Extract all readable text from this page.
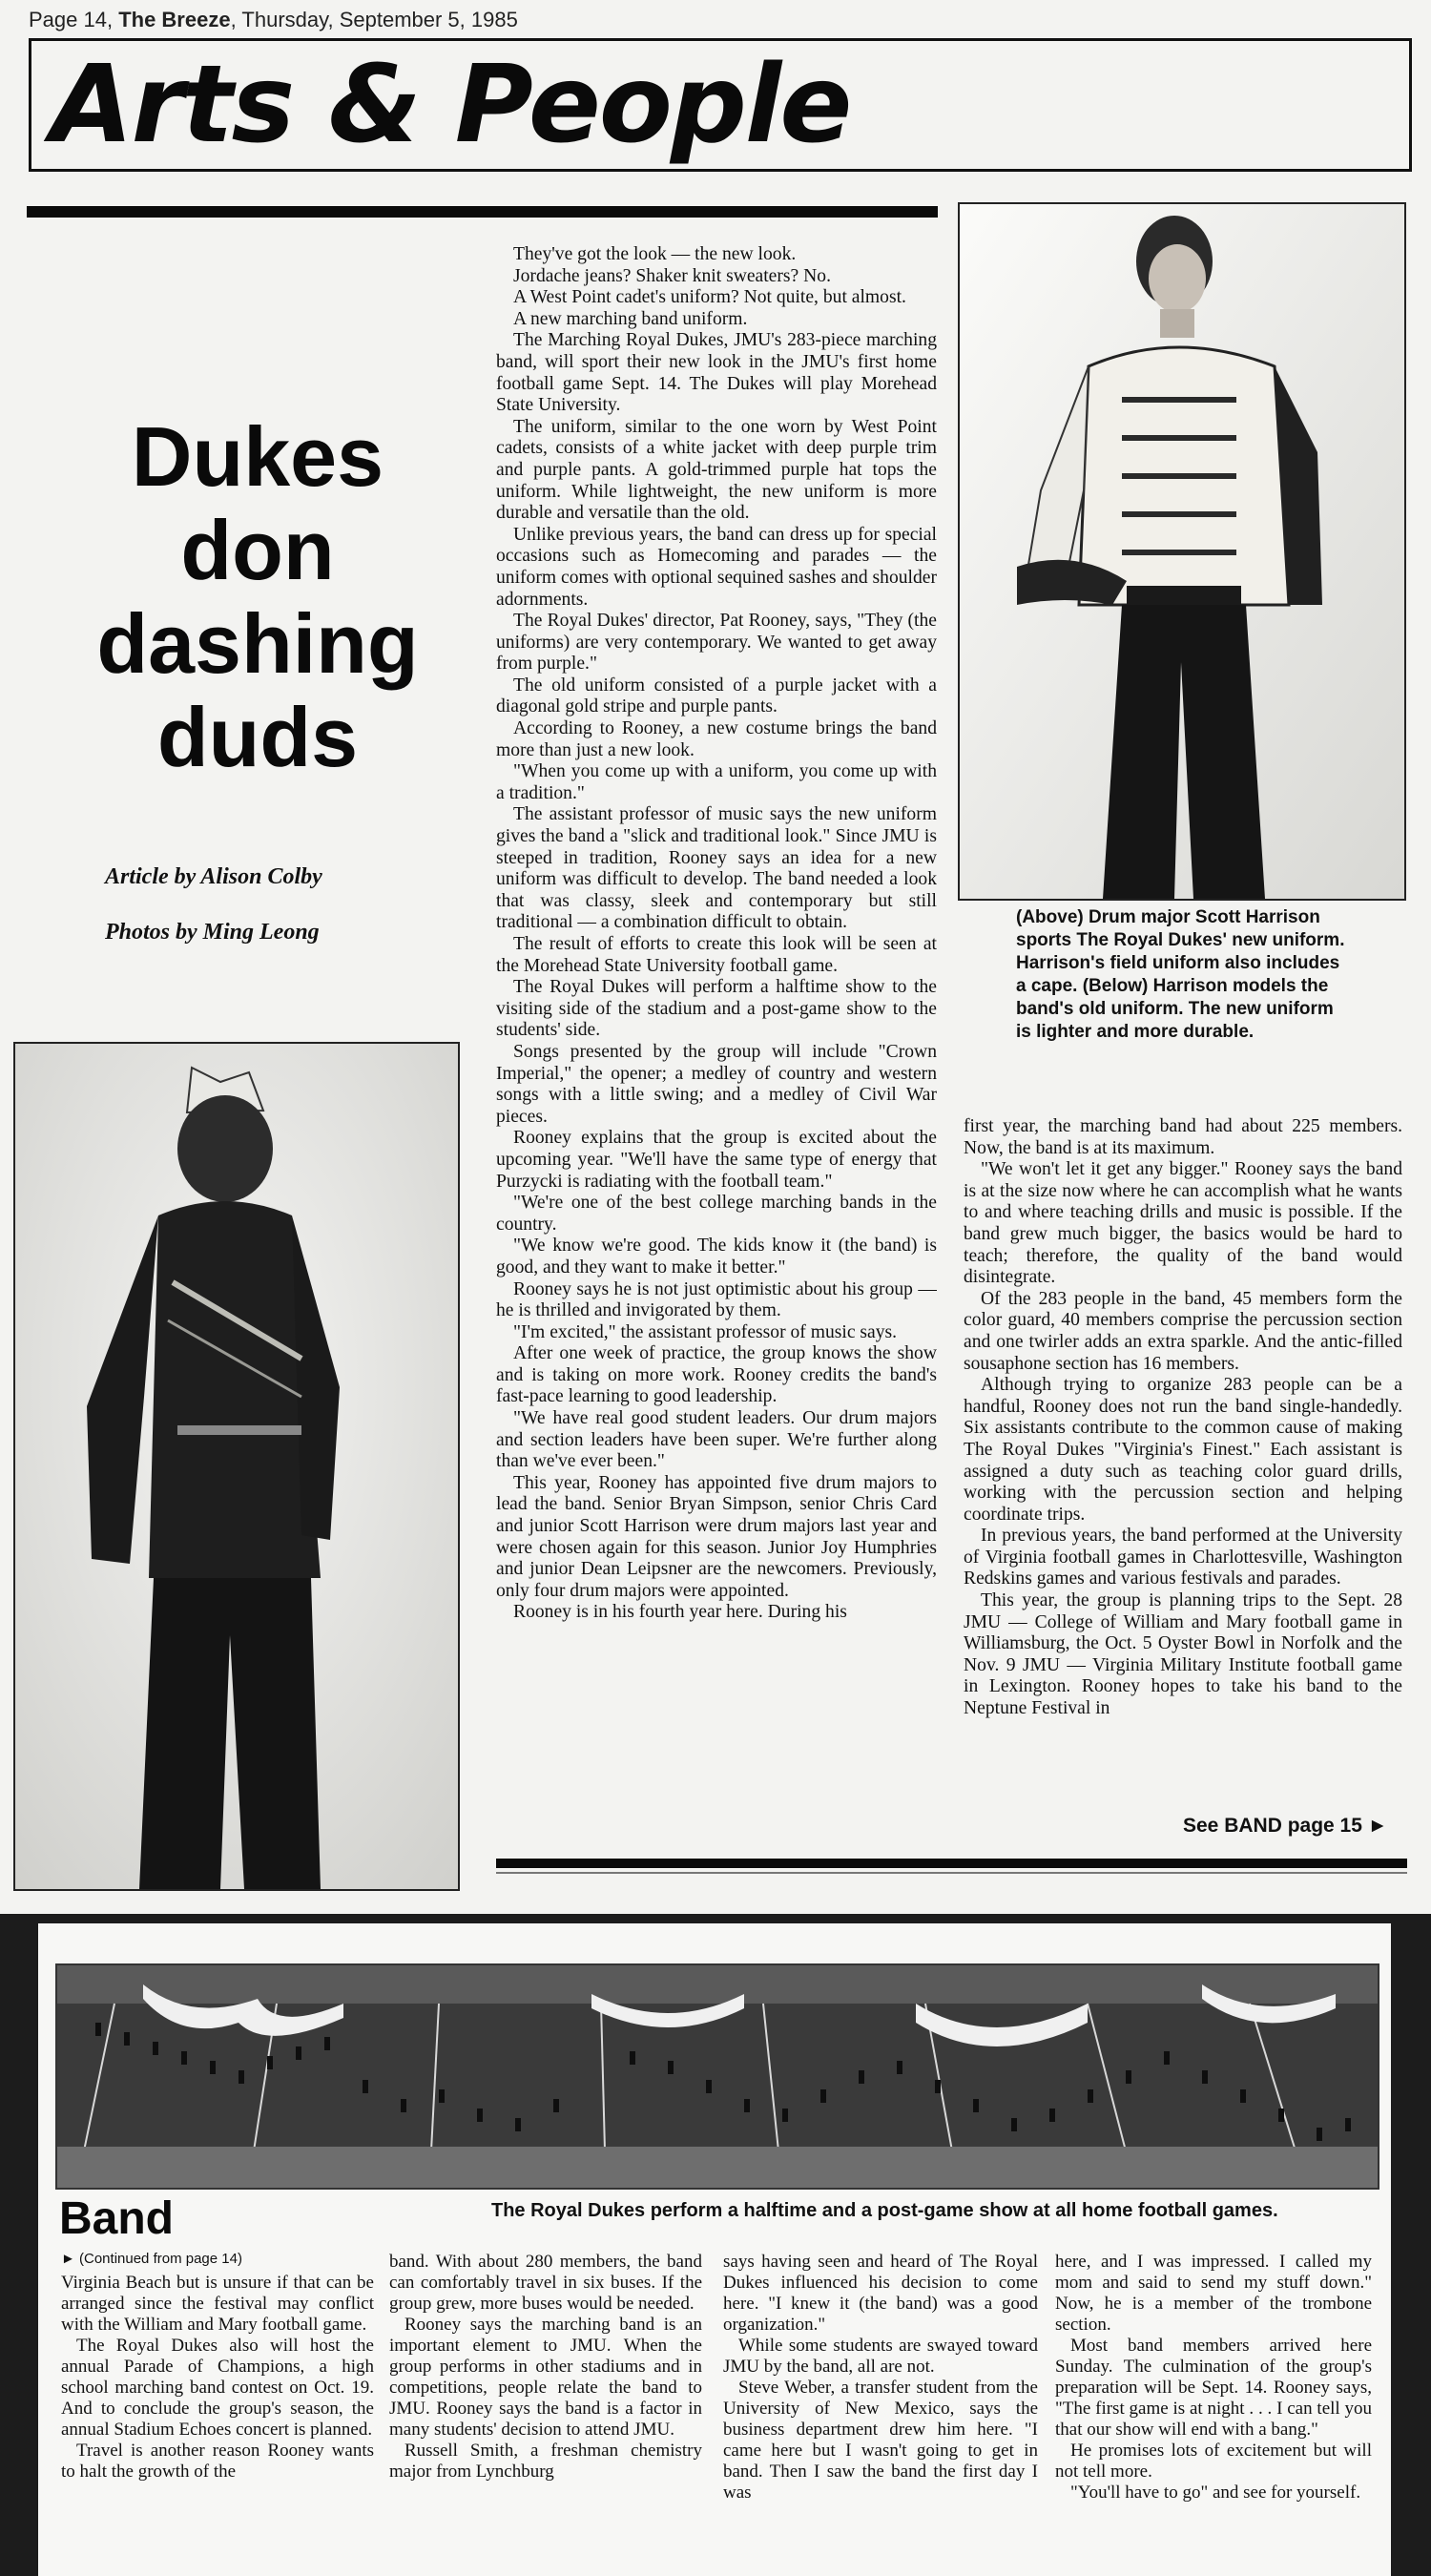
Page 14, The Breeze, Thursday, September 5, 1985
Arts & People
Dukes
don
dashing
duds
Article by Alison Colby
Photos by Ming Leong

They've got the look — the new look.

Jordache jeans? Shaker knit sweaters? No.

A West Point cadet's uniform? Not quite, but almost.

A new marching band uniform.

The Marching Royal Dukes, JMU's 283-piece marching band, will sport their new look in the JMU's first home football game Sept. 14. The Dukes will play Morehead State University.

The uniform, similar to the one worn by West Point cadets, consists of a white jacket with deep purple trim and purple pants. A gold-trimmed purple hat tops the uniform. While lightweight, the new uniform is more durable and versatile than the old.

Unlike previous years, the band can dress up for special occasions such as Homecoming and parades — the uniform comes with optional sequined sashes and shoulder adornments.

The Royal Dukes' director, Pat Rooney, says, "They (the uniforms) are very contemporary. We wanted to get away from purple."

The old uniform consisted of a purple jacket with a diagonal gold stripe and purple pants.

According to Rooney, a new costume brings the band more than just a new look.

"When you come up with a uniform, you come up with a tradition."

The assistant professor of music says the new uniform gives the band a "slick and traditional look." Since JMU is steeped in tradition, Rooney says an idea for a new uniform was difficult to develop. The band needed a look that was classy, sleek and contemporary but still traditional — a combination difficult to obtain.

The result of efforts to create this look will be seen at the Morehead State University football game.

The Royal Dukes will perform a halftime show to the visiting side of the stadium and a post-game show to the students' side.

Songs presented by the group will include "Crown Imperial," the opener; a medley of country and western songs with a little swing; and a medley of Civil War pieces.

Rooney explains that the group is excited about the upcoming year. "We'll have the same type of energy that Purzycki is radiating with the football team."

"We're one of the best college marching bands in the country.

"We know we're good. The kids know it (the band) is good, and they want to make it better."

Rooney says he is not just optimistic about his group — he is thrilled and invigorated by them.

"I'm excited," the assistant professor of music says.

After one week of practice, the group knows the show and is taking on more work. Rooney credits the band's fast-pace learning to good leadership.

"We have real good student leaders. Our drum majors and section leaders have been super. We're further along than we've ever been."

This year, Rooney has appointed five drum majors to lead the band. Senior Bryan Simpson, senior Chris Card and junior Scott Harrison were drum majors last year and were chosen again for this season. Junior Joy Humphries and junior Dean Leipsner are the newcomers. Previously, only four drum majors were appointed.

Rooney is in his fourth year here. During his

(Above) Drum major Scott Harrison sports The Royal Dukes' new uniform. Harrison's field uniform also includes a cape. (Below) Harrison models the band's old uniform. The new uniform is lighter and more durable.

first year, the marching band had about 225 members. Now, the band is at its maximum.

"We won't let it get any bigger." Rooney says the band is at the size now where he can accomplish what he wants to and where teaching drills and music is possible. If the band grew much bigger, the basics would be hard to teach; therefore, the quality of the band would disintegrate.

Of the 283 people in the band, 45 members form the color guard, 40 members comprise the percussion section and one twirler adds an extra sparkle. And the antic-filled sousaphone section has 16 members.

Although trying to organize 283 people can be a handful, Rooney does not run the band single-handedly. Six assistants contribute to the common cause of making The Royal Dukes "Virginia's Finest." Each assistant is assigned a duty such as teaching color guard drills, working with the percussion section and helping coordinate trips.

In previous years, the band performed at the University of Virginia football games in Charlottesville, Washington Redskins games and various festivals and parades.

This year, the group is planning trips to the Sept. 28 JMU — College of William and Mary football game in Williamsburg, the Oct. 5 Oyster Bowl in Norfolk and the Nov. 9 JMU — Virginia Military Institute football game in Lexington. Rooney hopes to take his band to the Neptune Festival in

See BAND page 15 ►
Band	The Royal Dukes perform a halftime and a post-game show at all home football games.
► (Continued from page 14)

Virginia Beach but is unsure if that can be arranged since the festival may conflict with the William and Mary football game.

The Royal Dukes also will host the annual Parade of Champions, a high school marching band contest on Oct. 19. And to conclude the group's season, the annual Stadium Echoes concert is planned.

Travel is another reason Rooney wants to halt the growth of the

band. With about 280 members, the band can comfortably travel in six buses. If the group grew, more buses would be needed.

Rooney says the marching band is an important element to JMU. When the group performs in other stadiums and in competitions, people relate the band to JMU. Rooney says the band is a factor in many students' decision to attend JMU.

Russell Smith, a freshman chemistry major from Lynchburg

says having seen and heard of The Royal Dukes influenced his decision to come here. "I knew it (the band) was a good organization."

While some students are swayed toward JMU by the band, all are not.

Steve Weber, a transfer student from the University of New Mexico, says the business department drew him here. "I came here but I wasn't going to get in band. Then I saw the band the first day I was

here, and I was impressed. I called my mom and said to send my stuff down." Now, he is a member of the trombone section.

Most band members arrived here Sunday. The culmination of the group's preparation will be Sept. 14. Rooney says, "The first game is at night . . . I can tell you that our show will end with a bang."

He promises lots of excitement but will not tell more.

"You'll have to go" and see for yourself.
